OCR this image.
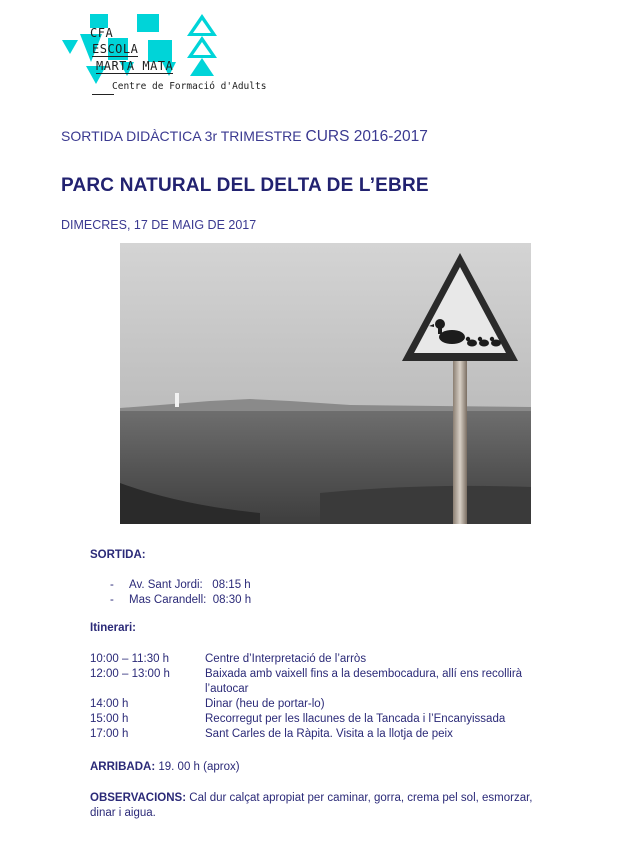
CFA
ESCOLA
MARTA MATA
Centre de Formació d'Adults
SORTIDA DIDÀCTICA 3r TRIMESTRE CURS 2016-2017
PARC NATURAL DEL DELTA DE L’EBRE
DIMECRES, 17 DE MAIG DE 2017
SORTIDA:
- Av. Sant Jordi:   08:15 h
- Mas Carandell:  08:30 h
Itinerari:
10:00 – 11:30 h	Centre d’Interpretació de l’arròs
12:00 – 13:00 h	Baixada amb vaixell fins a la desembocadura, allí ens recollirà l’autocar
14:00 h	Dinar (heu de portar-lo)
15:00 h	Recorregut per les llacunes de la Tancada i l’Encanyissada
17:00 h	Sant Carles de la Ràpita. Visita a la llotja de peix
ARRIBADA: 19. 00 h (aprox)
OBSERVACIONS: Cal dur calçat apropiat per caminar, gorra, crema pel sol, esmorzar, dinar i aigua.
